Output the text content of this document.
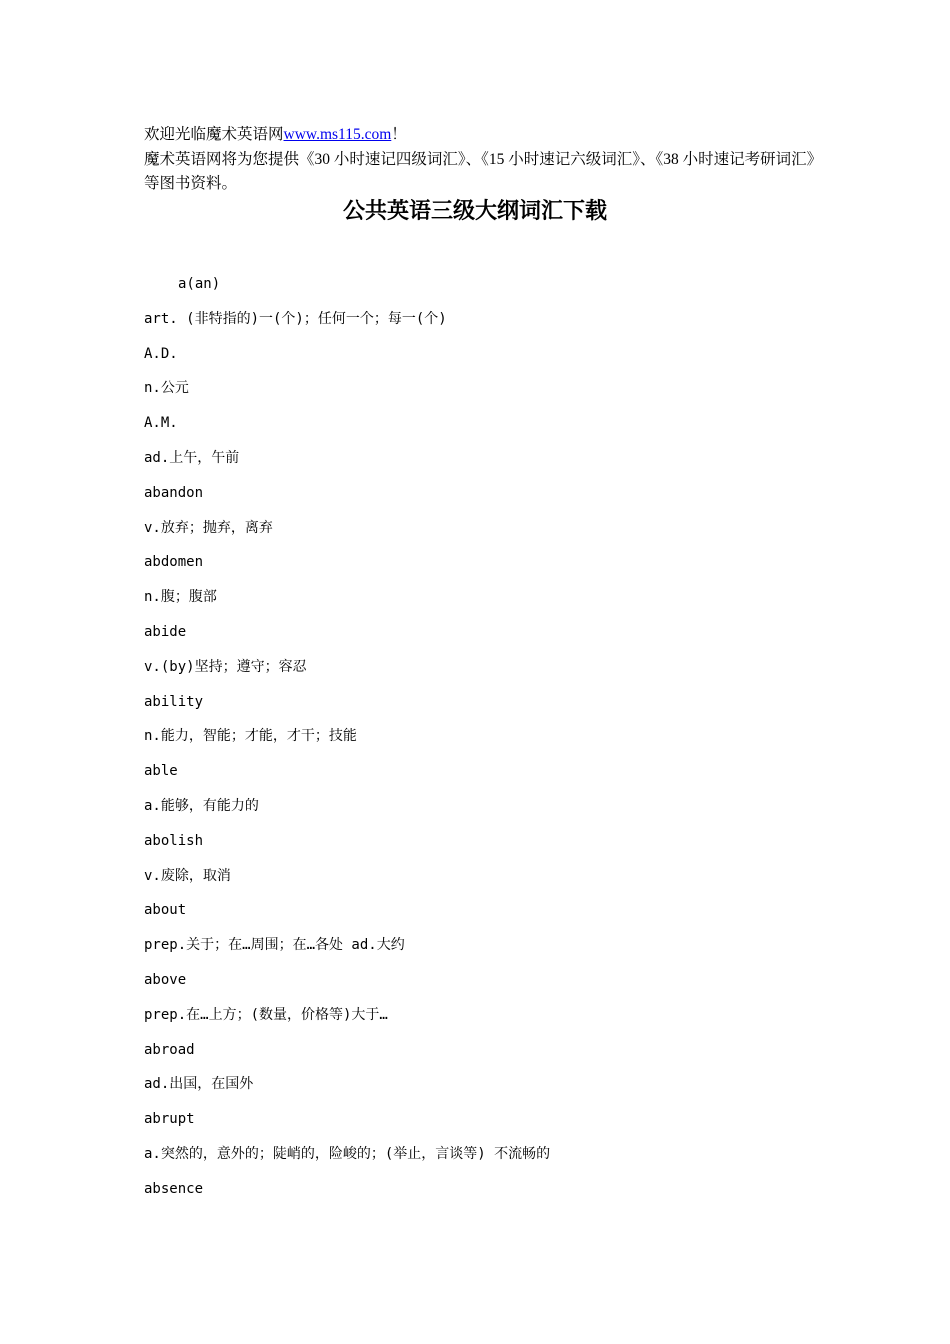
欢迎光临魔术英语网www.ms115.com！

魔术英语网将为您提供《30 小时速记四级词汇》、《15 小时速记六级词汇》、《38 小时速记考研词汇》等图书资料。

公共英语三级大纲词汇下载
a(an)
art. (非特指的)一(个)；任何一个；每一(个)
A.D.
n.公元
A.M.
ad.上午，午前
abandon
v.放弃；抛弃，离弃
abdomen
n.腹；腹部
abide
v.(by)坚持；遵守；容忍
ability
n.能力，智能；才能，才干；技能
able
a.能够，有能力的
abolish
v.废除，取消
about
prep.关于；在…周围；在…各处 ad.大约
above
prep.在…上方；(数量，价格等)大于…
abroad
ad.出国，在国外
abrupt
a.突然的，意外的；陡峭的，险峻的；(举止，言谈等) 不流畅的
absence
